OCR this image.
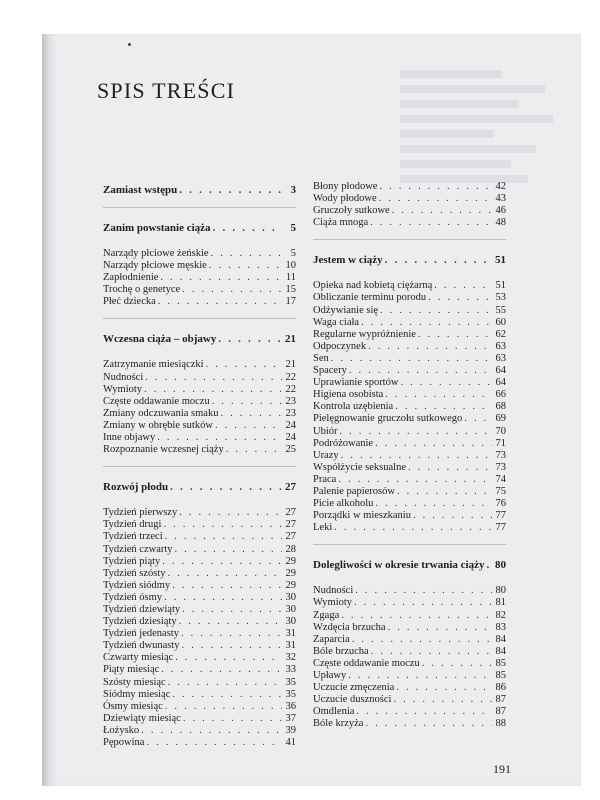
SPIS TREŚCI
Zamiast wstępu . . .	3
Zanim powstanie ciąża . . .	5
Narządy płciowe żeńskie . . .	5
Narządy płciowe męskie . . .	10
Zapłodnienie . . .	11
Trochę o genetyce . . .	15
Płeć dziecka . . .	17
Wczesna ciąża – objawy . . .	21
Zatrzymanie miesiączki . . .	21
Nudności . . .	22
Wymioty . . .	22
Częste oddawanie moczu . . .	23
Zmiany odczuwania smaku . . .	23
Zmiany w obrębie sutków . . .	24
Inne objawy . . .	24
Rozpoznanie wczesnej ciąży . . .	25
Rozwój płodu . . .	27
Tydzień pierwszy . . .	27
Tydzień drugi . . .	27
Tydzień trzeci . . .	27
Tydzień czwarty . . .	28
Tydzień piąty . . .	29
Tydzień szósty . . .	29
Tydzień siódmy . . .	29
Tydzień ósmy . . .	30
Tydzień dziewiąty . . .	30
Tydzień dziesiąty . . .	30
Tydzień jedenasty . . .	31
Tydzień dwunasty . . .	31
Czwarty miesiąc . . .	32
Piąty miesiąc . . .	33
Szósty miesiąc . . .	35
Siódmy miesiąc . . .	35
Ósmy miesiąc . . .	36
Dziewiąty miesiąc . . .	37
Łożysko . . .	39
Pępowina . . .	41
Błony płodowe . . .	42
Wody płodowe . . .	43
Gruczoły sutkowe . . .	46
Ciąża mnoga . . .	48
Jestem w ciąży . . .	51
Opieka nad kobietą ciężarną . . .	51
Obliczanie terminu porodu . . .	53
Odżywianie się . . .	55
Waga ciała . . .	60
Regularne wypróżnienie . . .	62
Odpoczynek . . .	63
Sen . . .	63
Spacery . . .	64
Uprawianie sportów . . .	64
Higiena osobista . . .	66
Kontrola uzębienia . . .	68
Pielęgnowanie gruczołu sutkowego . . .	69
Ubiór . . .	70
Podróżowanie . . .	71
Urazy . . .	73
Współżycie seksualne . . .	73
Praca . . .	74
Palenie papierosów . . .	75
Picie alkoholu . . .	76
Porządki w mieszkaniu . . .	77
Leki . . .	77
Dolegliwości w okresie trwania ciąży . . . 80
Nudności . . .	80
Wymioty . . .	81
Zgaga . . .	82
Wzdęcia brzucha . . .	83
Zaparcia . . .	84
Bóle brzucha . . .	84
Częste oddawanie moczu . . .	85
Upławy . . .	85
Uczucie zmęczenia . . .	86
Uczucie duszności . . .	87
Omdlenia . . .	87
Bóle krzyża . . .	88
191
